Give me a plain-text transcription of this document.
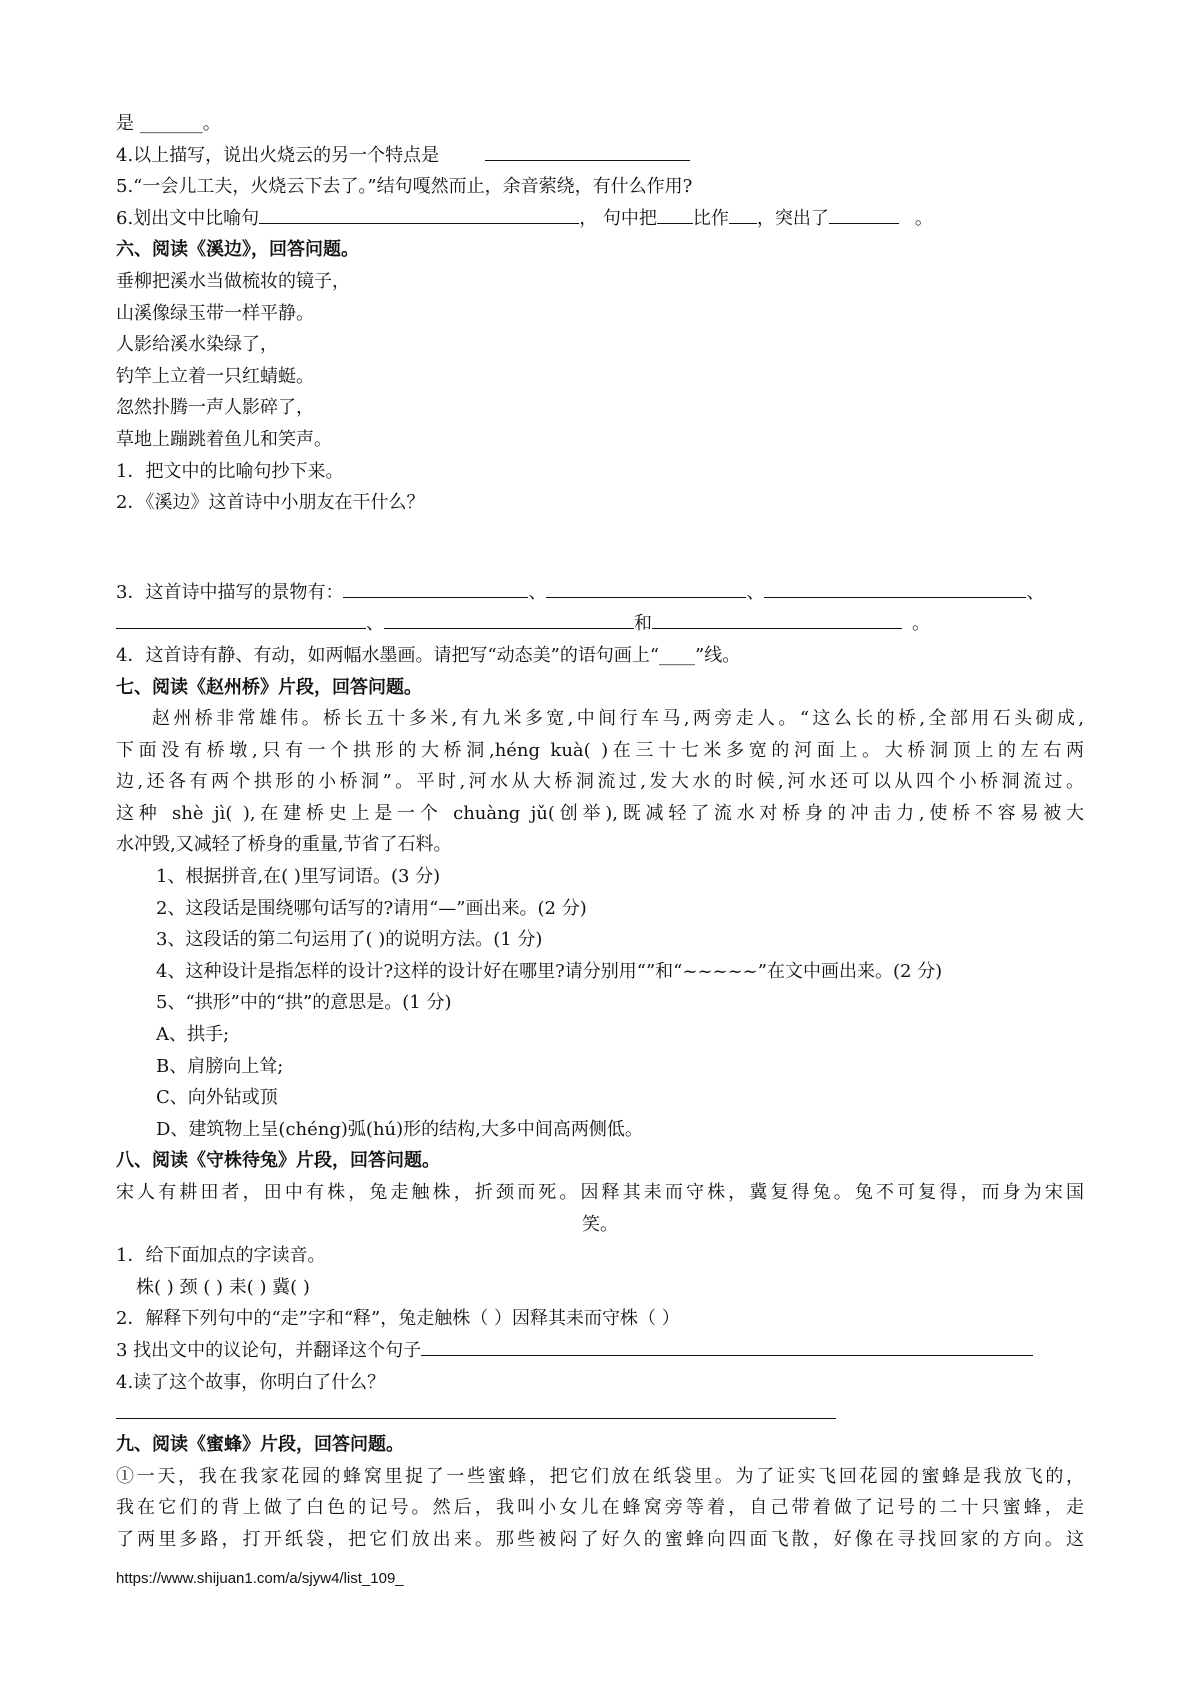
是 _______。
4.以上描写，说出火烧云的另一个特点是
5.“一会儿工夫，火烧云下去了。”结句嘎然而止，余音萦绕，有什么作用?
6.划出文中比喻句	， 句中把 比作 ，突出了	。
六、阅读《溪边》，回答问题。
垂柳把溪水当做梳妆的镜子，
山溪像绿玉带一样平静。
人影给溪水染绿了，
钓竿上立着一只红蜻蜓。
忽然扑腾一声人影碎了，
草地上蹦跳着鱼儿和笑声。
1．把文中的比喻句抄下来。
2．《溪边》这首诗中小朋友在干什么？
3．这首诗中描写的景物有：	、	、	、
、	和	。
4．这首诗有静、有动，如两幅水墨画。请把写“动态美”的语句画上“____”线。
七、阅读《赵州桥》片段，回答问题。
赵州桥非常雄伟。桥长五十多米,有九米多宽,中间行车马,两旁走人。“这么长的桥,全部用石头砌成,
下面没有桥墩,只有一个拱形的大桥洞,héng kuà( )在三十七米多宽的河面上。大桥洞顶上的左右两
边,还各有两个拱形的小桥洞”。平时,河水从大桥洞流过,发大水的时候,河水还可以从四个小桥洞流过。
这种 shè jì( ),在建桥史上是一个 chuàng jǔ(创举),既减轻了流水对桥身的冲击力,使桥不容易被大
水冲毁,又减轻了桥身的重量,节省了石料。
1、根据拼音,在( )里写词语。(3 分)
2、这段话是围绕哪句话写的?请用“—”画出来。(2 分)
3、这段话的第二句运用了( )的说明方法。(1 分)
4、这种设计是指怎样的设计?这样的设计好在哪里?请分别用“”和“~~~~~”在文中画出来。(2 分)
5、“拱形”中的“拱”的意思是。(1 分)
A、拱手;
B、肩膀向上耸;
C、向外钻或顶
D、建筑物上呈(chéng)弧(hú)形的结构,大多中间高两侧低。
八、阅读《守株待兔》片段，回答问题。
宋人有耕田者，田中有株，兔走触株，折颈而死。因释其耒而守株，冀复得兔。兔不可复得，而身为宋国
笑。
1．给下面加点的字读音。
株( ) 颈 ( ) 耒( ) 冀( )
2．解释下列句中的“走”字和“释”，兔走触株（ ）因释其耒而守株（ ）
3 找出文中的议论句，并翻译这个句子
4.读了这个故事，你明白了什么？
九、阅读《蜜蜂》片段，回答问题。
①一天，我在我家花园的蜂窝里捉了一些蜜蜂，把它们放在纸袋里。为了证实飞回花园的蜜蜂是我放飞的，
我在它们的背上做了白色的记号。然后，我叫小女儿在蜂窝旁等着，自己带着做了记号的二十只蜜蜂，走
了两里多路，打开纸袋，把它们放出来。那些被闷了好久的蜜蜂向四面飞散，好像在寻找回家的方向。这
https://www.shijuan1.com/a/sjyw4/list_109_
